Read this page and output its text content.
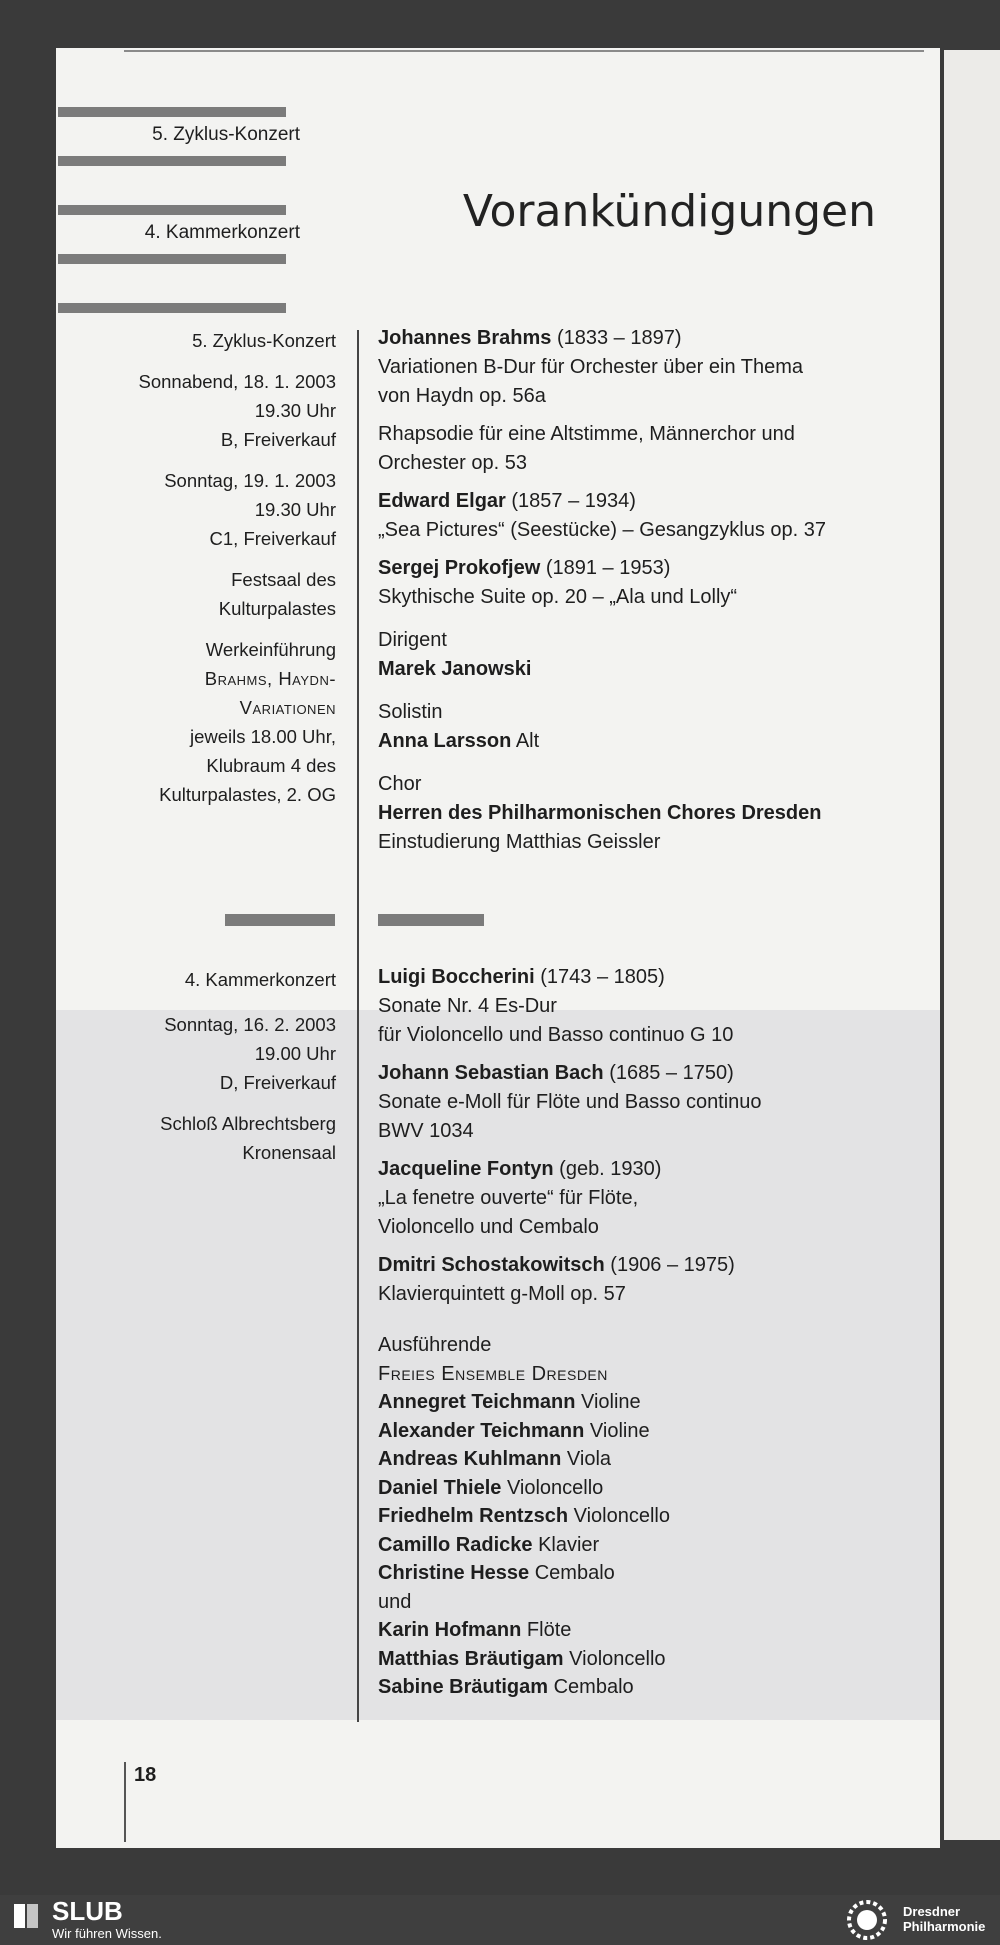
5. Zyklus-Konzert
4. Kammerkonzert	Vorankündigungen

5. Zyklus-Konzert

Sonnabend, 18. 1. 2003
19.30 Uhr
B, Freiverkauf

Sonntag, 19. 1. 2003
19.30 Uhr
C1, Freiverkauf

Festsaal des
Kulturpalastes

Werkeinführung
Brahms, Haydn-
Variationen
jeweils 18.00 Uhr,
Klubraum 4 des
Kulturpalastes, 2. OG

Johannes Brahms (1833 – 1897)
Variationen B-Dur für Orchester über ein Thema
von Haydn op. 56a

Rhapsodie für eine Altstimme, Männerchor und
Orchester op. 53

Edward Elgar (1857 – 1934)
„Sea Pictures“ (Seestücke) – Gesangzyklus op. 37

Sergej Prokofjew (1891 – 1953)
Skythische Suite op. 20 – „Ala und Lolly“

Dirigent
Marek Janowski

Solistin
Anna Larsson Alt

Chor
Herren des Philharmonischen Chores Dresden
Einstudierung Matthias Geissler

4. Kammerkonzert

Sonntag, 16. 2. 2003
19.00 Uhr
D, Freiverkauf

Schloß Albrechtsberg
Kronensaal

Luigi Boccherini (1743 – 1805)
Sonate Nr. 4 Es-Dur
für Violoncello und Basso continuo G 10

Johann Sebastian Bach (1685 – 1750)
Sonate e-Moll für Flöte und Basso continuo
BWV 1034

Jacqueline Fontyn (geb. 1930)
„La fenetre ouverte“ für Flöte,
Violoncello und Cembalo

Dmitri Schostakowitsch (1906 – 1975)
Klavierquintett g-Moll op. 57

Ausführende
Freies Ensemble Dresden
Annegret Teichmann Violine
Alexander Teichmann Violine
Andreas Kuhlmann Viola
Daniel Thiele Violoncello
Friedhelm Rentzsch Violoncello
Camillo Radicke Klavier
Christine Hesse Cembalo
und
Karin Hofmann Flöte
Matthias Bräutigam Violoncello
Sabine Bräutigam Cembalo

18
SLUB
Wir führen Wissen.
Dresdner
Philharmonie
